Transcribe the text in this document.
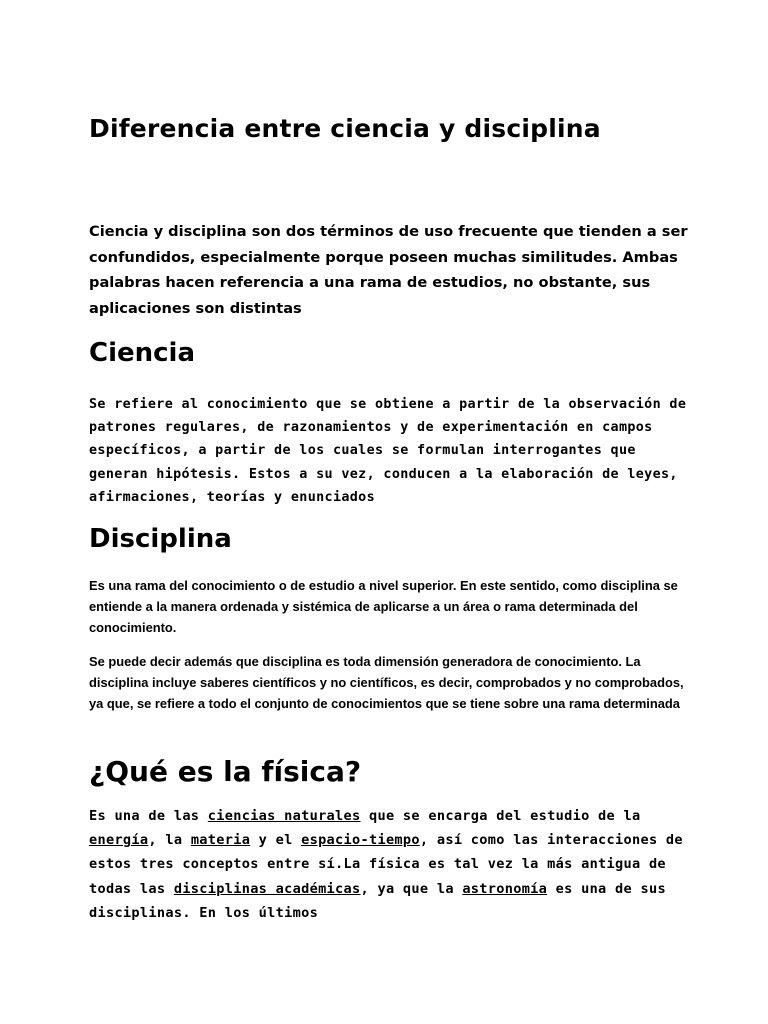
Diferencia entre ciencia y disciplina

Ciencia y disciplina son dos términos de uso frecuente que tienden a ser confundidos, especialmente porque poseen muchas similitudes. Ambas palabras hacen referencia a una rama de estudios, no obstante, sus aplicaciones son distintas

Ciencia

Se refiere al conocimiento que se obtiene a partir de la observación de patrones regulares, de razonamientos y de experimentación en campos específicos, a partir de los cuales se formulan interrogantes que generan hipótesis. Estos a su vez, conducen a la elaboración de leyes, afirmaciones, teorías y enunciados

Disciplina

Es una rama del conocimiento o de estudio a nivel superior. En este sentido, como disciplina se entiende a la manera ordenada y sistémica de aplicarse a un área o rama determinada del conocimiento.

Se puede decir además que disciplina es toda dimensión generadora de conocimiento. La disciplina incluye saberes científicos y no científicos, es decir, comprobados y no comprobados, ya que, se refiere a todo el conjunto de conocimientos que se tiene sobre una rama determinada

¿Qué es la física?

Es una de las ciencias naturales que se encarga del estudio de la energía, la materia y el espacio-tiempo, así como las interacciones de estos tres conceptos entre sí.La física es tal vez la más antigua de todas las disciplinas académicas, ya que la astronomía es una de sus disciplinas. En los últimos
